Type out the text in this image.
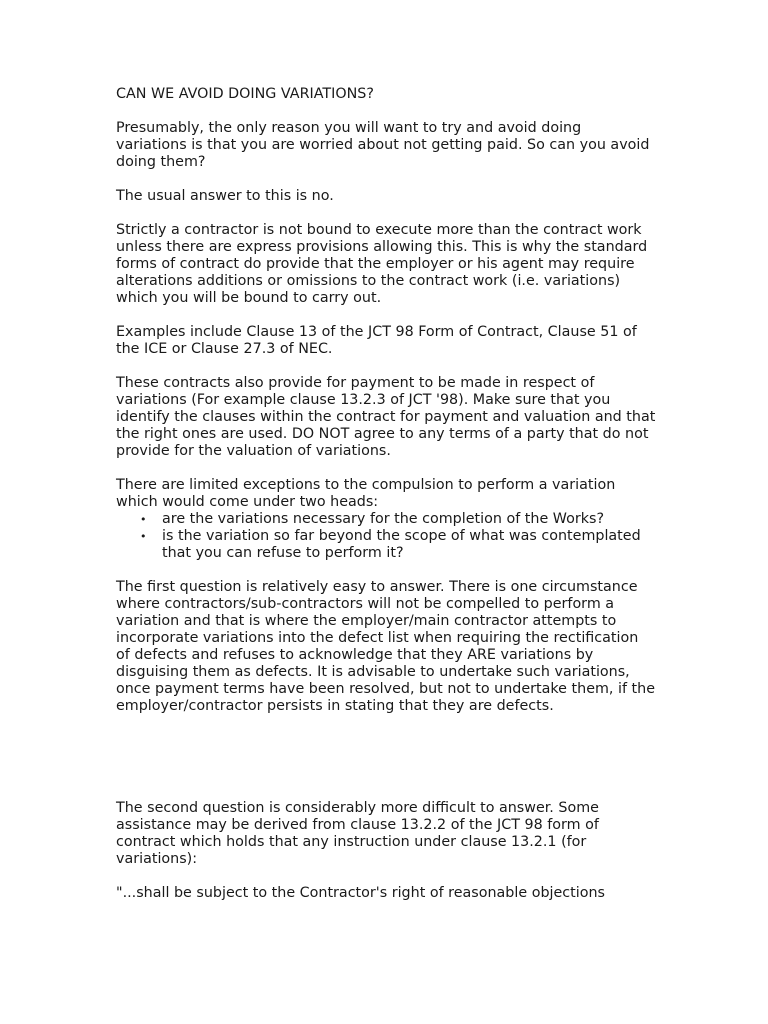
CAN WE AVOID DOING VARIATIONS?

Presumably, the only reason you will want to try and avoid doing variations is that you are worried about not getting paid. So can you avoid doing them?

The usual answer to this is no.

Strictly a contractor is not bound to execute more than the contract work unless there are express provisions allowing this. This is why the standard forms of contract do provide that the employer or his agent may require alterations additions or omissions to the contract work (i.e. variations) which you will be bound to carry out.

Examples include Clause 13 of the JCT 98 Form of Contract, Clause 51 of the ICE or Clause 27.3 of NEC.

These contracts also provide for payment to be made in respect of variations (For example clause 13.2.3 of JCT '98). Make sure that you identify the clauses within the contract for payment and valuation and that the right ones are used. DO NOT agree to any terms of a party that do not provide for the valuation of variations.

There are limited exceptions to the compulsion to perform a variation which would come under two heads:

• are the variations necessary for the completion of the Works?
• is the variation so far beyond the scope of what was contemplated that you can refuse to perform it?

The first question is relatively easy to answer. There is one circumstance where contractors/sub-contractors will not be compelled to perform a variation and that is where the employer/main contractor attempts to incorporate variations into the defect list when requiring the rectification of defects and refuses to acknowledge that they ARE variations by disguising them as defects. It is advisable to undertake such variations, once payment terms have been resolved, but not to undertake them, if the employer/contractor persists in stating that they are defects.

The second question is considerably more difficult to answer. Some assistance may be derived from clause 13.2.2 of the JCT 98 form of contract which holds that any instruction under clause 13.2.1 (for variations):

"...shall be subject to the Contractor's right of reasonable objections
